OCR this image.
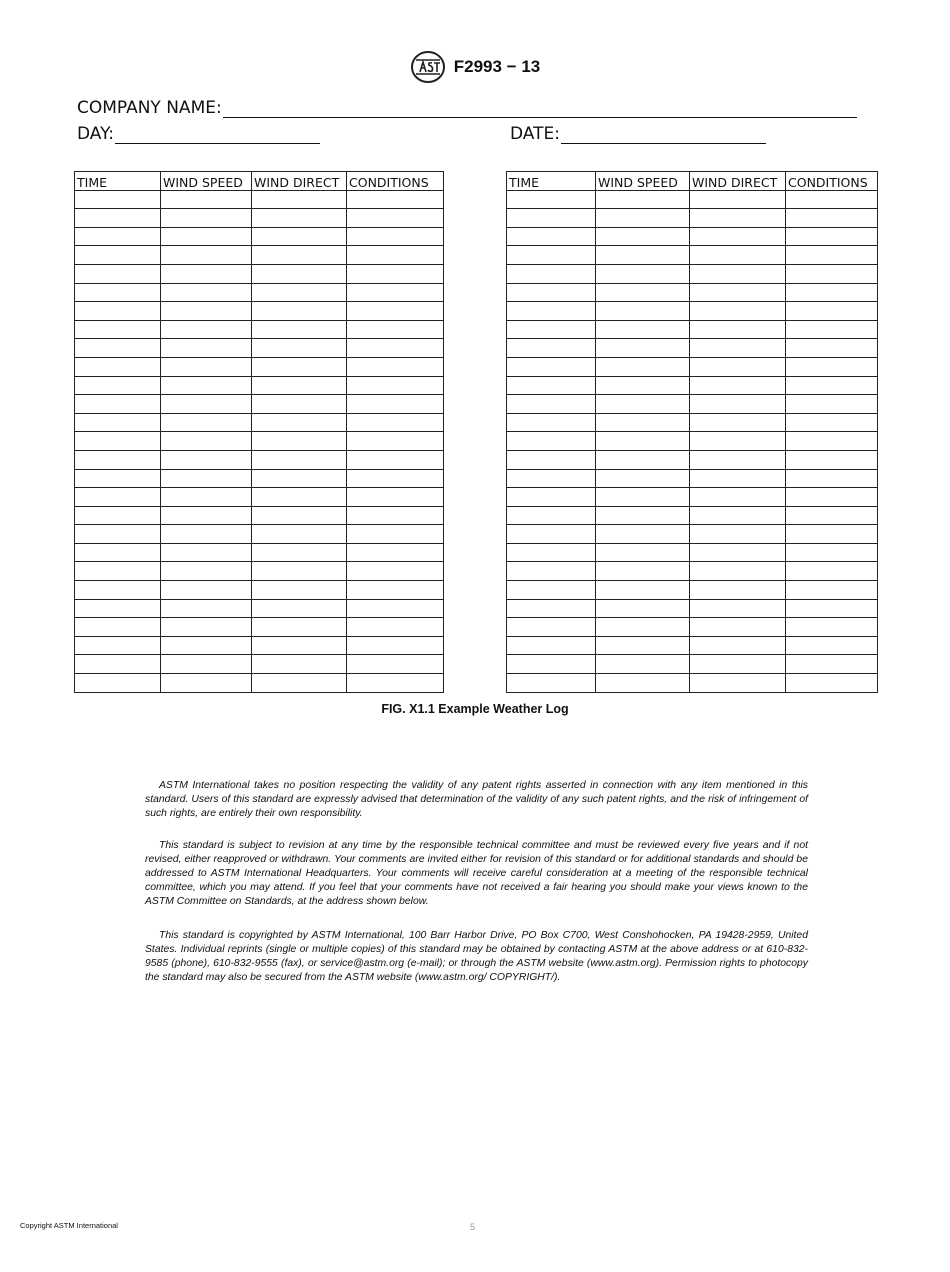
F2993 − 13
COMPANY NAME:
DAY:	DATE:
TIME	WIND SPEED	WIND DIRECT	CONDITIONS

				TIME	WIND SPEED	WIND DIRECT	CONDITIONS

FIG. X1.1 Example Weather Log

ASTM International takes no position respecting the validity of any patent rights asserted in connection with any item mentioned in this standard. Users of this standard are expressly advised that determination of the validity of any such patent rights, and the risk of infringement of such rights, are entirely their own responsibility.

This standard is subject to revision at any time by the responsible technical committee and must be reviewed every five years and if not revised, either reapproved or withdrawn. Your comments are invited either for revision of this standard or for additional standards and should be addressed to ASTM International Headquarters. Your comments will receive careful consideration at a meeting of the responsible technical committee, which you may attend. If you feel that your comments have not received a fair hearing you should make your views known to the ASTM Committee on Standards, at the address shown below.

This standard is copyrighted by ASTM International, 100 Barr Harbor Drive, PO Box C700, West Conshohocken, PA 19428-2959, United States. Individual reprints (single or multiple copies) of this standard may be obtained by contacting ASTM at the above address or at 610-832-9585 (phone), 610-832-9555 (fax), or service@astm.org (e-mail); or through the ASTM website (www.astm.org). Permission rights to photocopy the standard may also be secured from the ASTM website (www.astm.org/ COPYRIGHT/).

Copyright ASTM International	5
